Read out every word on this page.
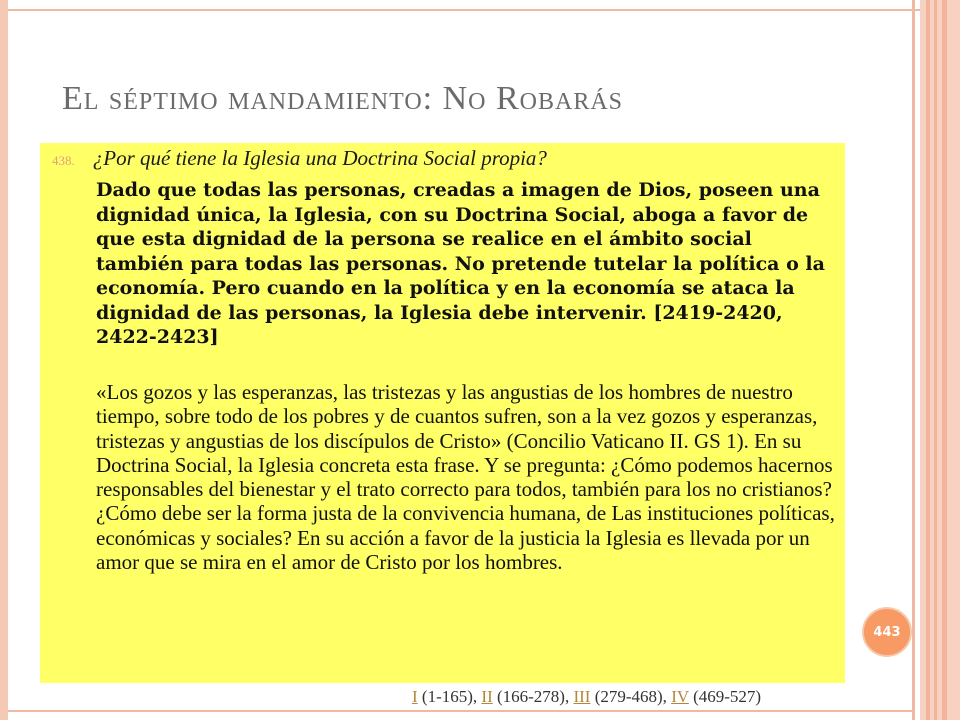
El séptimo mandamiento: No Robarás
438. ¿Por qué tiene la Iglesia una Doctrina Social propia?

Dado que todas las personas, creadas a imagen de Dios, poseen una dignidad única, la Iglesia, con su Doctrina Social, aboga a favor de que esta dignidad de la persona se realice en el ámbito social también para todas las personas. No pretende tutelar la política o la economía. Pero cuando en la política y en la economía se ataca la dignidad de las personas, la Iglesia debe intervenir. [2419-2420, 2422-2423]

«Los gozos y las esperanzas, las tristezas y las angustias de los hombres de nuestro tiempo, sobre todo de los pobres y de cuantos sufren, son a la vez gozos y esperanzas, tristezas y angustias de los discípulos de Cristo» (Concilio Vaticano II. GS 1). En su Doctrina Social, la Iglesia concreta esta frase. Y se pregunta: ¿Cómo podemos hacernos responsables del bienestar y el trato correcto para todos, también para los no cristianos? ¿Cómo debe ser la forma justa de la convivencia humana, de Las instituciones políticas, económicas y sociales? En su acción a favor de la justicia la Iglesia es llevada por un amor que se mira en el amor de Cristo por los hombres.

443
I (1-165), II (166-278), III (279-468), IV (469-527)
